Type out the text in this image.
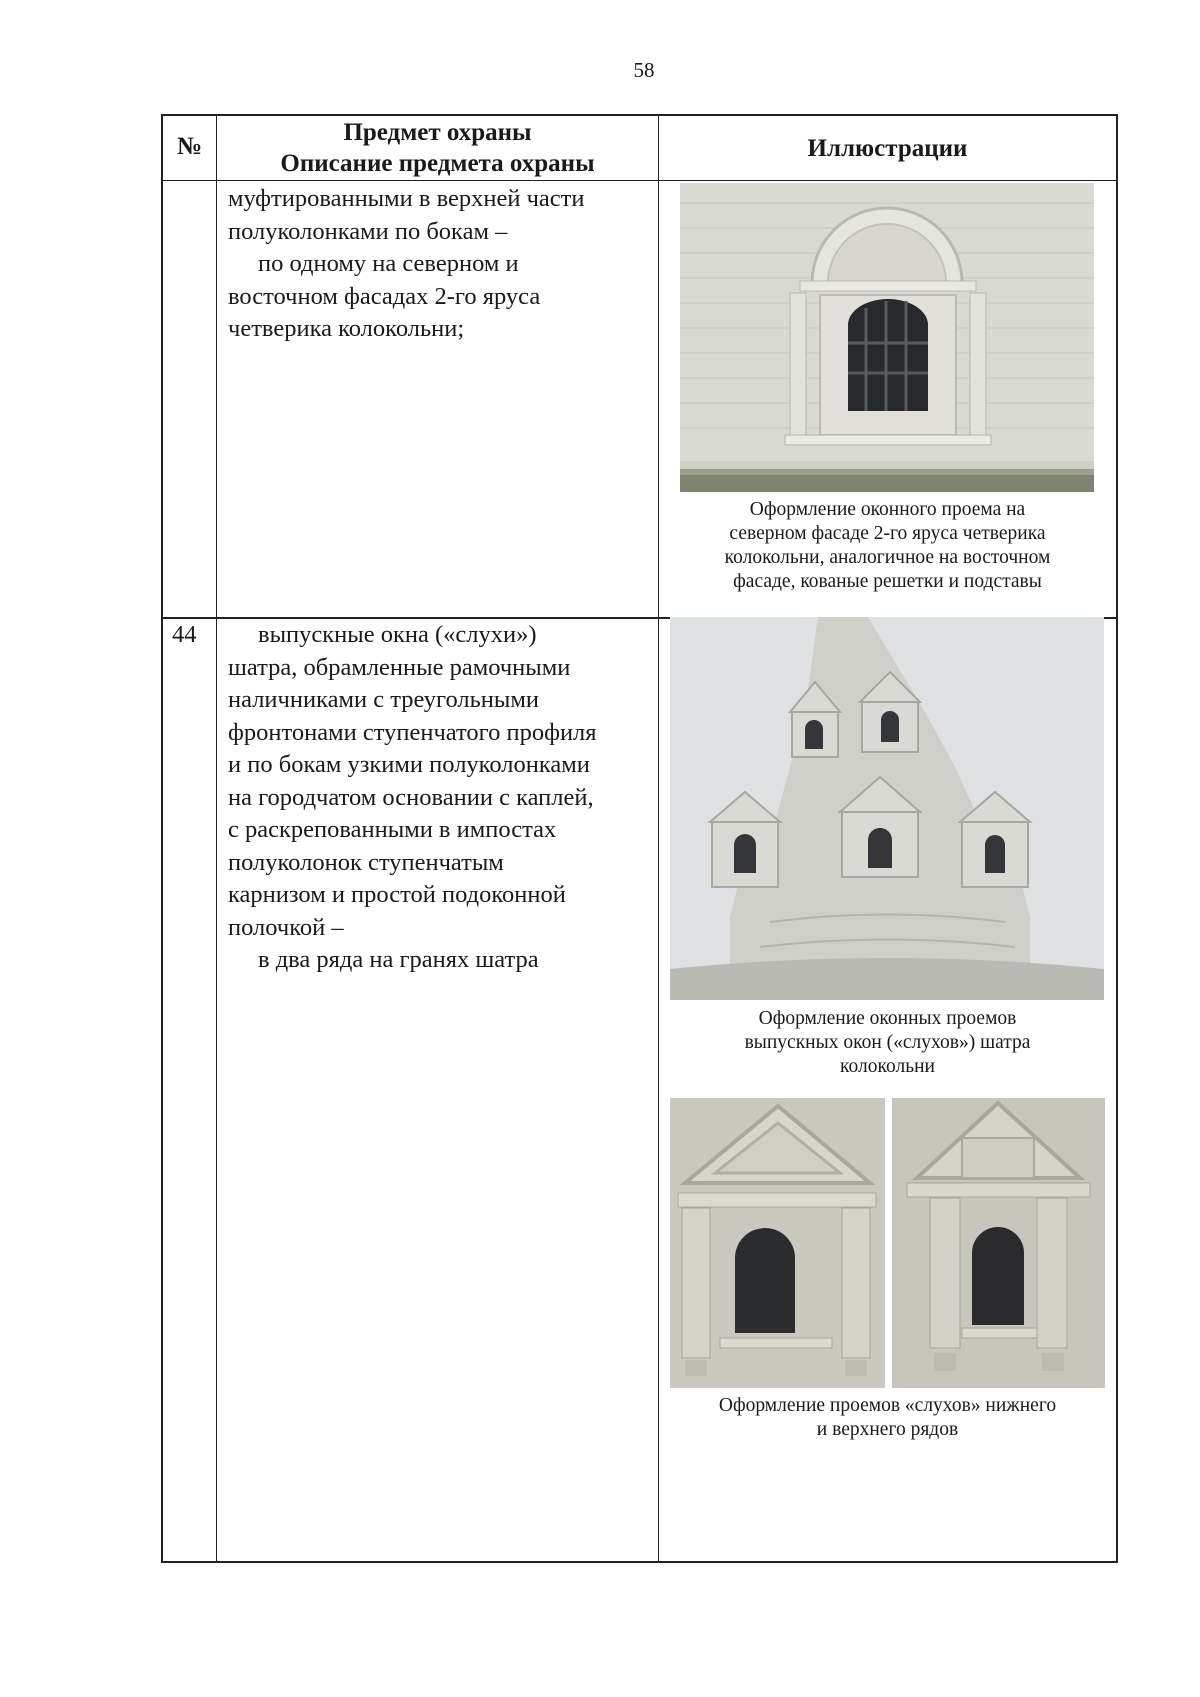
58
№
Предмет охраны
Описание предмета охраны
Иллюстрации
муфтированными в верхней части
полуколонками по бокам –
по одному на северном и
восточном фасадах 2-го яруса
четверика колокольни;
Оформление оконного проема на
северном фасаде 2-го яруса четверика
колокольни, аналогичное на восточном
фасаде, кованые решетки и подставы
44	выпускные окна («слухи»)
шатра, обрамленные рамочными
наличниками с треугольными
фронтонами ступенчатого профиля
и по бокам узкими полуколонками
на городчатом основании с каплей,
с раскрепованными в импостах
полуколонок ступенчатым
карнизом и простой подоконной
полочкой –
в два ряда на гранях шатра
Оформление оконных проемов
выпускных окон («слухов») шатра
колокольни
Оформление проемов «слухов» нижнего
и верхнего рядов
